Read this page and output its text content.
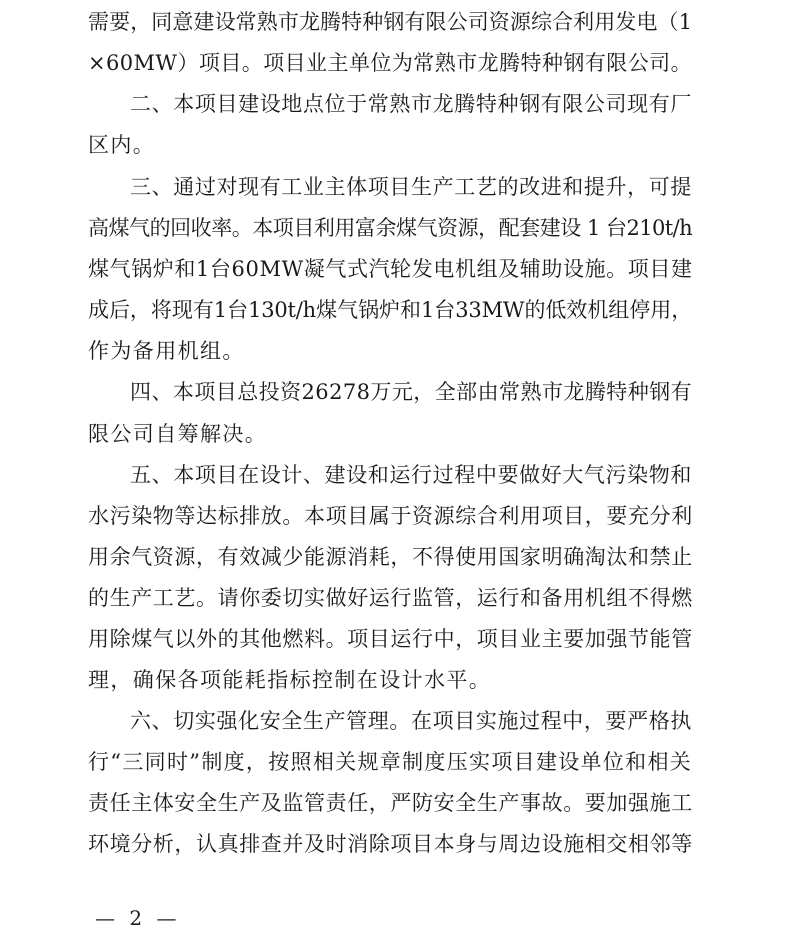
需要，同意建设常熟市龙腾特种钢有限公司资源综合利用发电（1
×60MW）项目。项目业主单位为常熟市龙腾特种钢有限公司。
二、本项目建设地点位于常熟市龙腾特种钢有限公司现有厂
区内。
三、通过对现有工业主体项目生产工艺的改进和提升，可提
高煤气的回收率。本项目利用富余煤气资源，配套建设 1 台210t/h
煤气锅炉和1台60MW凝气式汽轮发电机组及辅助设施。项目建
成后，将现有1台130t/h煤气锅炉和1台33MW的低效机组停用，
作为备用机组。
四、本项目总投资26278万元，全部由常熟市龙腾特种钢有
限公司自筹解决。
五、本项目在设计、建设和运行过程中要做好大气污染物和
水污染物等达标排放。本项目属于资源综合利用项目，要充分利
用余气资源，有效减少能源消耗，不得使用国家明确淘汰和禁止
的生产工艺。请你委切实做好运行监管，运行和备用机组不得燃
用除煤气以外的其他燃料。项目运行中，项目业主要加强节能管
理，确保各项能耗指标控制在设计水平。
六、切实强化安全生产管理。在项目实施过程中，要严格执
行“三同时”制度，按照相关规章制度压实项目建设单位和相关
责任主体安全生产及监管责任，严防安全生产事故。要加强施工
环境分析，认真排查并及时消除项目本身与周边设施相交相邻等
— 2 —
